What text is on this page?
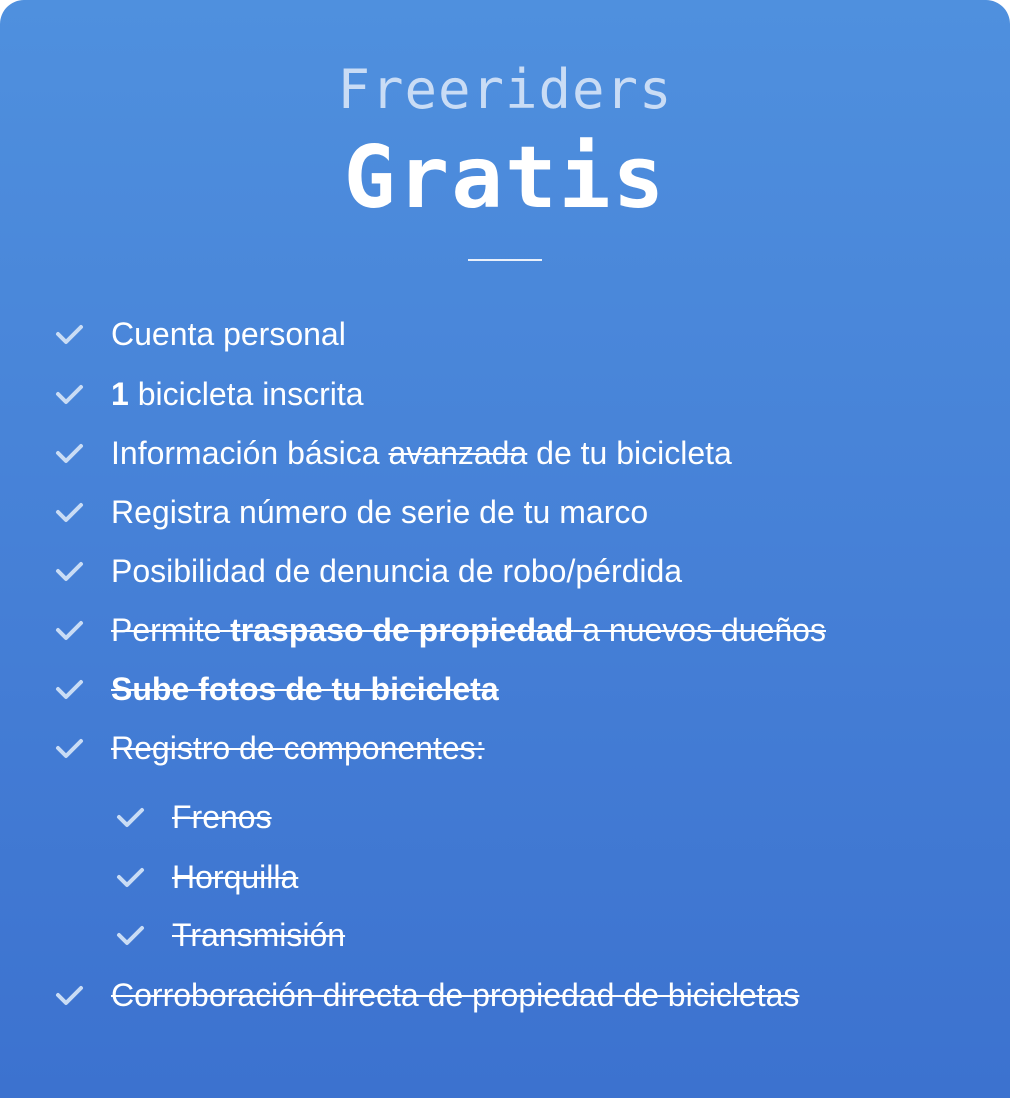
Freeriders
Gratis
Cuenta personal
1 bicicleta inscrita
Información básica avanzada de tu bicicleta
Registra número de serie de tu marco
Posibilidad de denuncia de robo/pérdida
Permite traspaso de propiedad a nuevos dueños
Sube fotos de tu bicicleta
Registro de componentes:
Frenos
Horquilla
Transmisión
Corroboración directa de propiedad de bicicletas
